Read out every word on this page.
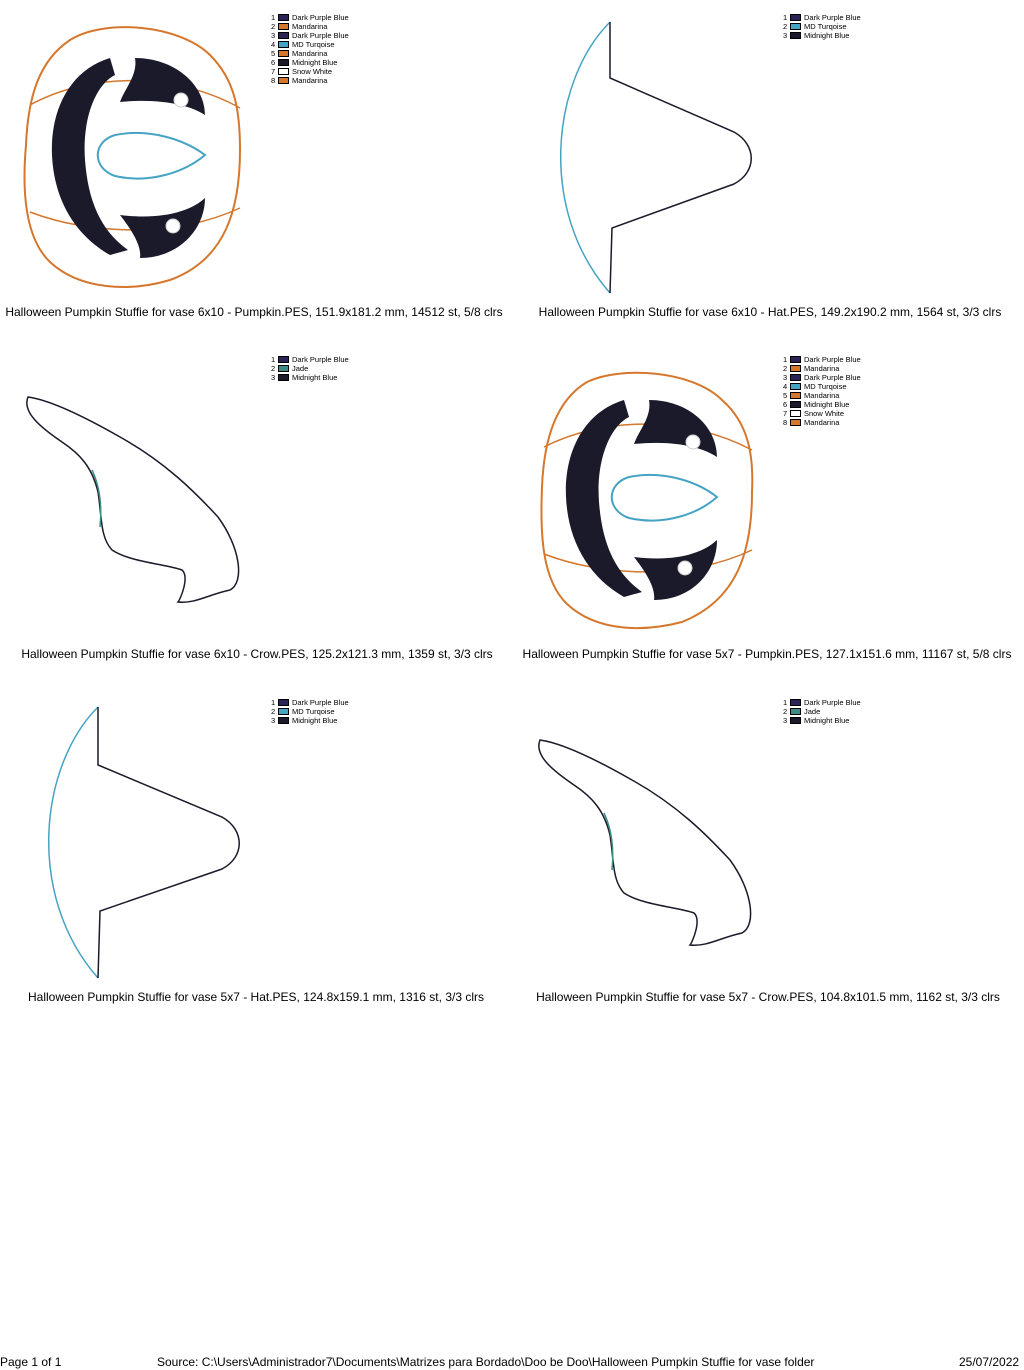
1	Dark Purple Blue
2	Mandarina
3	Dark Purple Blue
4	MD Turqoise
5	Mandarina
6	Midnight Blue
7	Snow White
8	Mandarina
Halloween Pumpkin Stuffie for vase 6x10 - Pumpkin.PES, 151.9x181.2 mm, 14512 st, 5/8 clrs
1	Dark Purple Blue
2	MD Turqoise
3	Midnight Blue
Halloween Pumpkin Stuffie for vase 6x10 - Hat.PES, 149.2x190.2 mm, 1564 st, 3/3 clrs
1	Dark Purple Blue
2	Jade
3	Midnight Blue
Halloween Pumpkin Stuffie for vase 6x10 - Crow.PES, 125.2x121.3 mm, 1359 st, 3/3 clrs
1	Dark Purple Blue
2	Mandarina
3	Dark Purple Blue
4	MD Turqoise
5	Mandarina
6	Midnight Blue
7	Snow White
8	Mandarina
Halloween Pumpkin Stuffie for vase 5x7 - Pumpkin.PES, 127.1x151.6 mm, 11167 st, 5/8 clrs
1	Dark Purple Blue
2	MD Turqoise
3	Midnight Blue
Halloween Pumpkin Stuffie for vase 5x7 - Hat.PES, 124.8x159.1 mm, 1316 st, 3/3 clrs
1	Dark Purple Blue
2	Jade
3	Midnight Blue
Halloween Pumpkin Stuffie for vase 5x7 - Crow.PES, 104.8x101.5 mm, 1162 st, 3/3 clrs
Page 1 of 1	Source: C:\Users\Administrador7\Documents\Matrizes para Bordado\Doo be Doo\Halloween Pumpkin Stuffie for vase folder	25/07/2022
